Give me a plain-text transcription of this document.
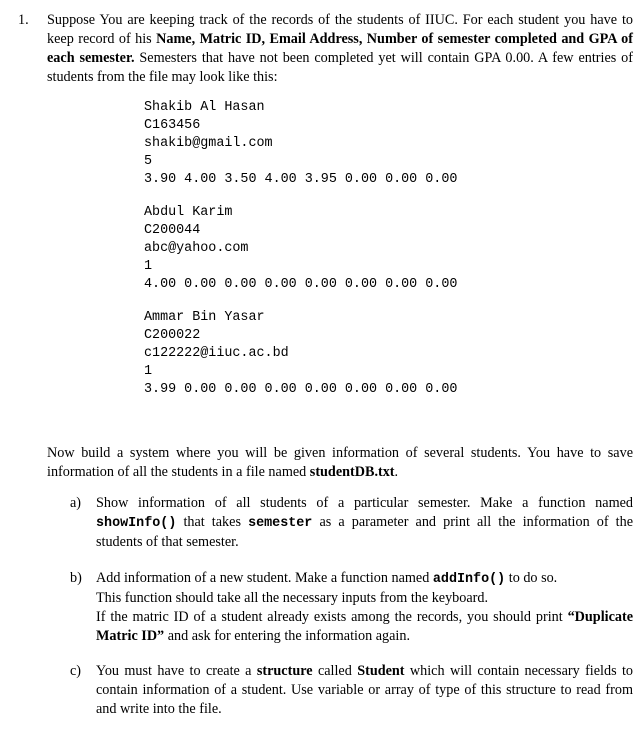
1. Suppose You are keeping track of the records of the students of IIUC. For each student you have to keep record of his Name, Matric ID, Email Address, Number of semester completed and GPA of each semester. Semesters that have not been completed yet will contain GPA 0.00. A few entries of students from the file may look like this:
Shakib Al Hasan
C163456
shakib@gmail.com
5
3.90 4.00 3.50 4.00 3.95 0.00 0.00 0.00
Abdul Karim
C200044
abc@yahoo.com
1
4.00 0.00 0.00 0.00 0.00 0.00 0.00 0.00
Ammar Bin Yasar
C200022
c122222@iiuc.ac.bd
1
3.99 0.00 0.00 0.00 0.00 0.00 0.00 0.00
Now build a system where you will be given information of several students. You have to save information of all the students in a file named studentDB.txt.
a) Show information of all students of a particular semester. Make a function named showInfo() that takes semester as a parameter and print all the information of the students of that semester.
b) Add information of a new student. Make a function named addInfo() to do so.
This function should take all the necessary inputs from the keyboard.
If the matric ID of a student already exists among the records, you should print “Duplicate Matric ID” and ask for entering the information again.
c) You must have to create a structure called Student which will contain necessary fields to contain information of a student. Use variable or array of type of this structure to read from and write into the file.
